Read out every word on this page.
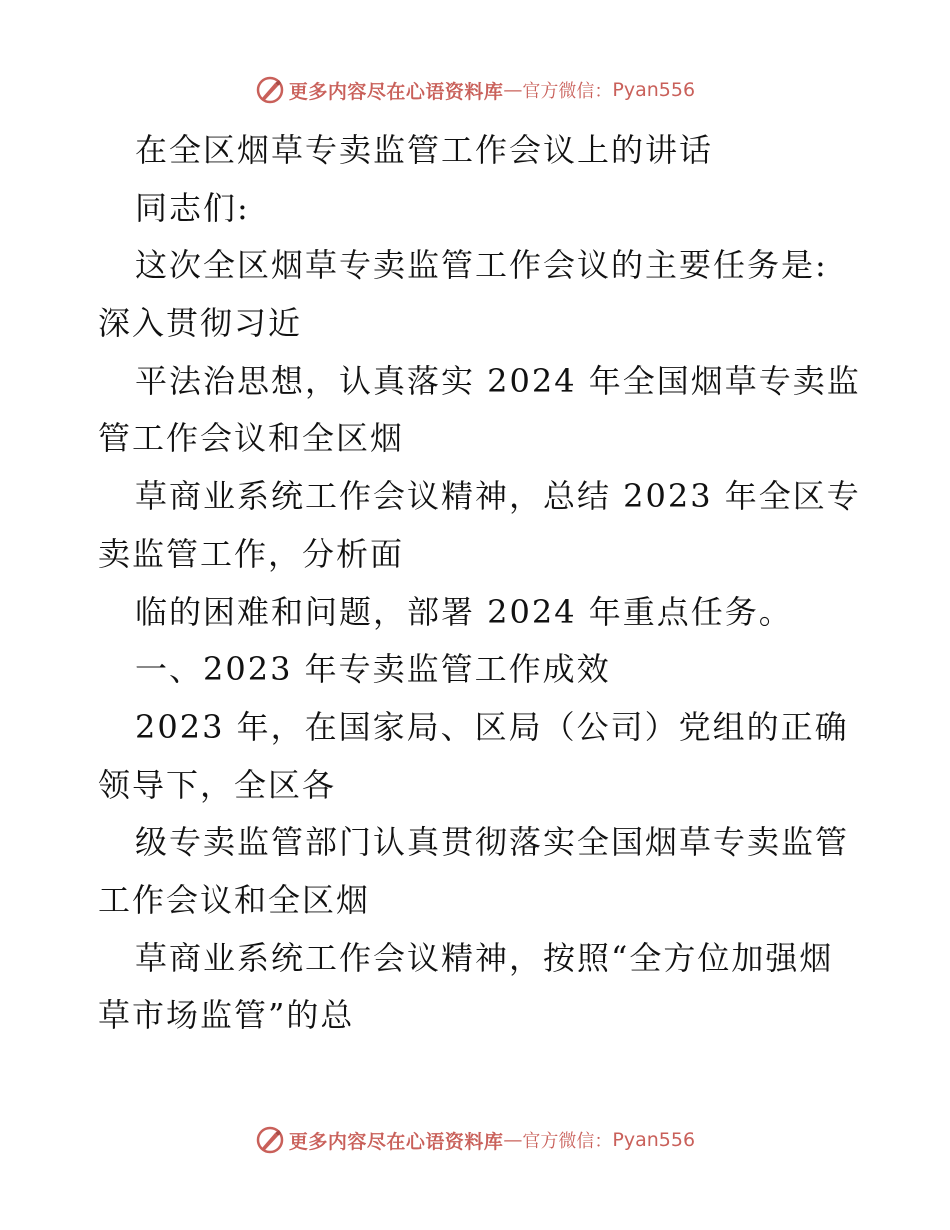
更多内容尽在心语资料库 — 官方微信： Pyan556
在全区烟草专卖监管工作会议上的讲话
同志们:
这次全区烟草专卖监管工作会议的主要任务是:
深入贯彻习近
平法治思想，认真落实 2024 年全国烟草专卖监
管工作会议和全区烟
草商业系统工作会议精神，总结 2023 年全区专
卖监管工作，分析面
临的困难和问题，部署 2024 年重点任务。
一、2023 年专卖监管工作成效
2023 年，在国家局、区局（公司）党组的正确
领导下，全区各
级专卖监管部门认真贯彻落实全国烟草专卖监管
工作会议和全区烟
草商业系统工作会议精神，按照“全方位加强烟
草市场监管”的总
更多内容尽在心语资料库 — 官方微信： Pyan556
